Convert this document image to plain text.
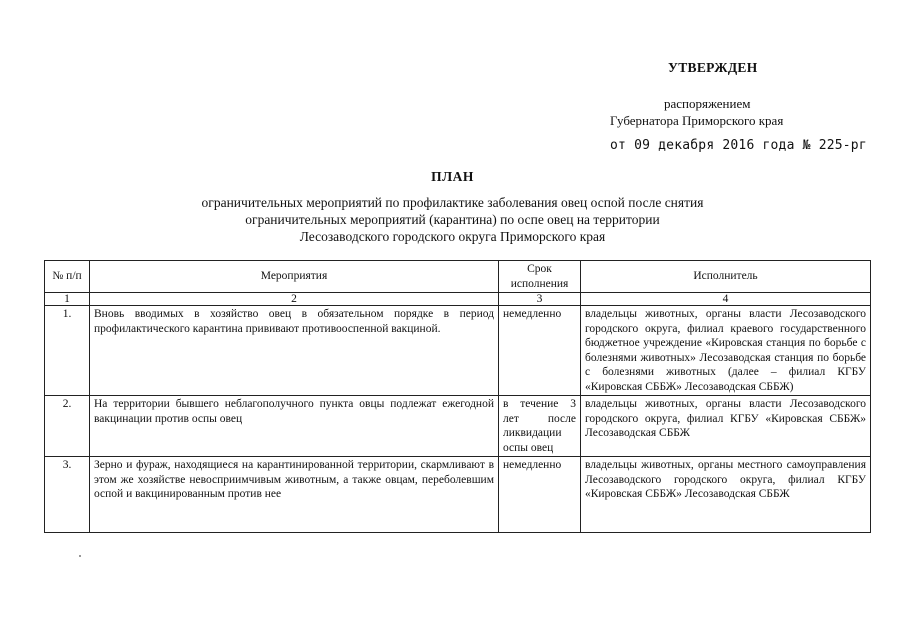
УТВЕРЖДЕН
распоряжением
Губернатора Приморского края
от 09 декабря 2016 года № 225-рг
ПЛАН
ограничительных мероприятий по профилактике заболевания овец оспой после снятия
ограничительных мероприятий (карантина) по оспе овец на территории
Лесозаводского городского округа Приморского края
№ п/п	Мероприятия	Срок исполнения	Исполнитель
1	2	3	4
1.	Вновь вводимых в хозяйство овец в обязательном порядке в период профилактического карантина прививают противооспенной вакциной.	немедленно	владельцы животных, органы власти Лесозаводского городского округа, филиал краевого государственного бюджетное учреждение «Кировская станция по борьбе с болезнями животных» Лесозаводская станция по борьбе с болезнями животных (далее – филиал КГБУ «Кировская СББЖ» Лесозаводская СББЖ)
2.	На территории бывшего неблагополучного пункта овцы подлежат ежегодной вакцинации против оспы овец	в течение 3 лет после ликвидации оспы овец	владельцы животных, органы власти Лесозаводского городского округа, филиал КГБУ «Кировская СББЖ» Лесозаводская СББЖ
3.	Зерно и фураж, находящиеся на карантинированной территории, скармливают в этом же хозяйстве невосприимчивым животным, а также овцам, переболевшим оспой и вакцинированным против нее	немедленно	владельцы животных, органы местного самоуправления Лесозаводского городского округа, филиал КГБУ «Кировская СББЖ» Лесозаводская СББЖ
